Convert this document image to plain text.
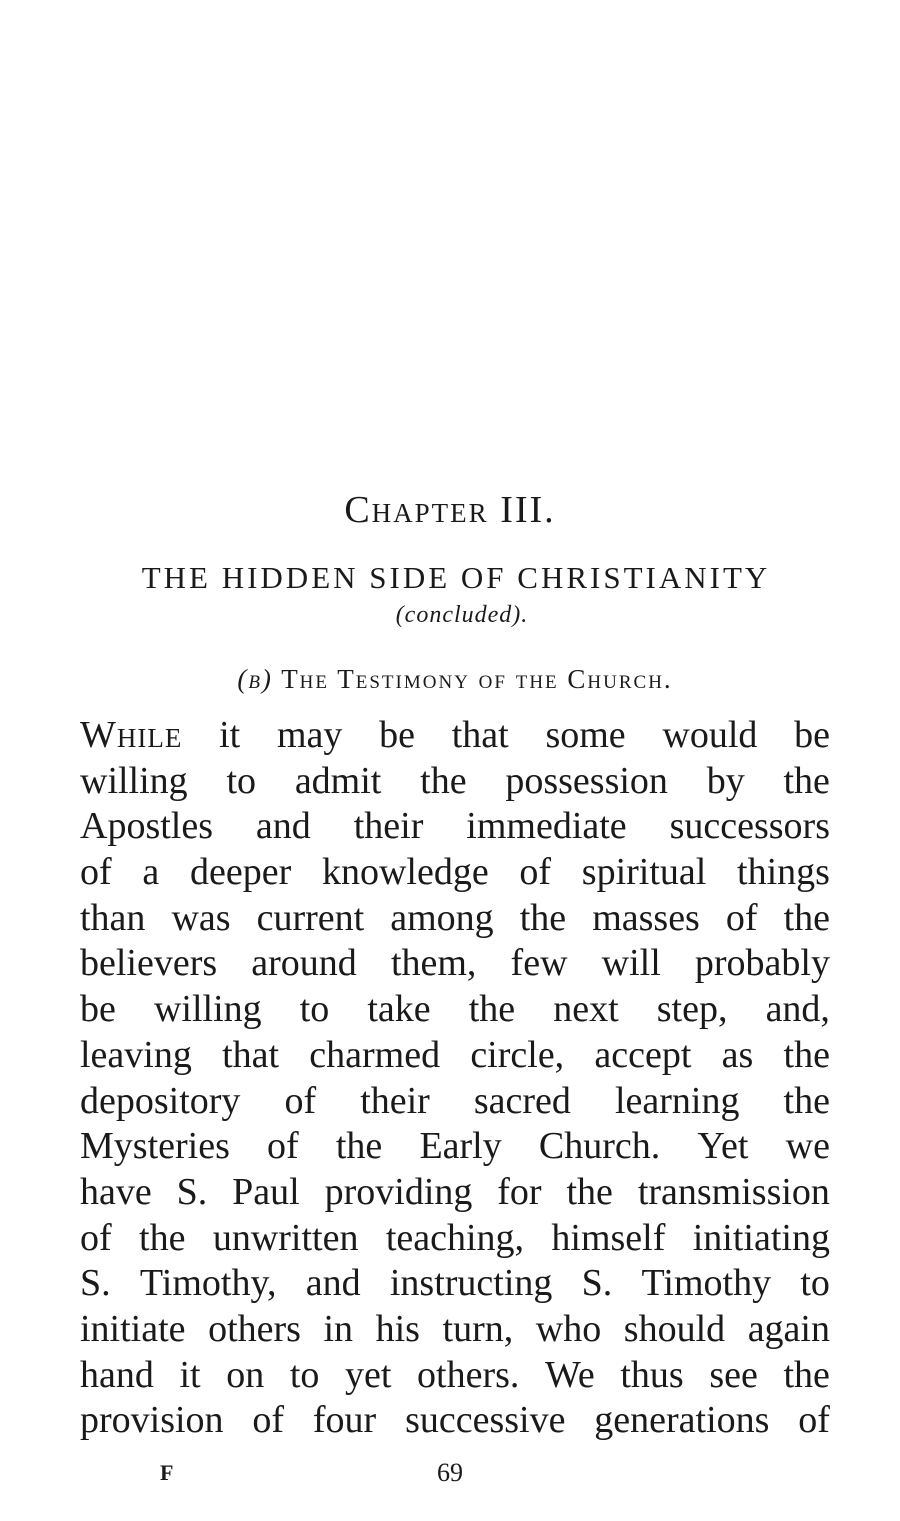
Chapter III.
THE HIDDEN SIDE OF CHRISTIANITY
(concluded).
(b) The Testimony of the Church.
While it may be that some would be
willing to admit the possession by the
Apostles and their immediate successors
of a deeper knowledge of spiritual things
than was current among the masses of the
believers around them, few will probably
be willing to take the next step, and,
leaving that charmed circle, accept as the
depository of their sacred learning the
Mysteries of the Early Church. Yet we
have S. Paul providing for the transmission
of the unwritten teaching, himself initiating
S. Timothy, and instructing S. Timothy to
initiate others in his turn, who should again
hand it on to yet others. We thus see the
provision of four successive generations of
F	69
